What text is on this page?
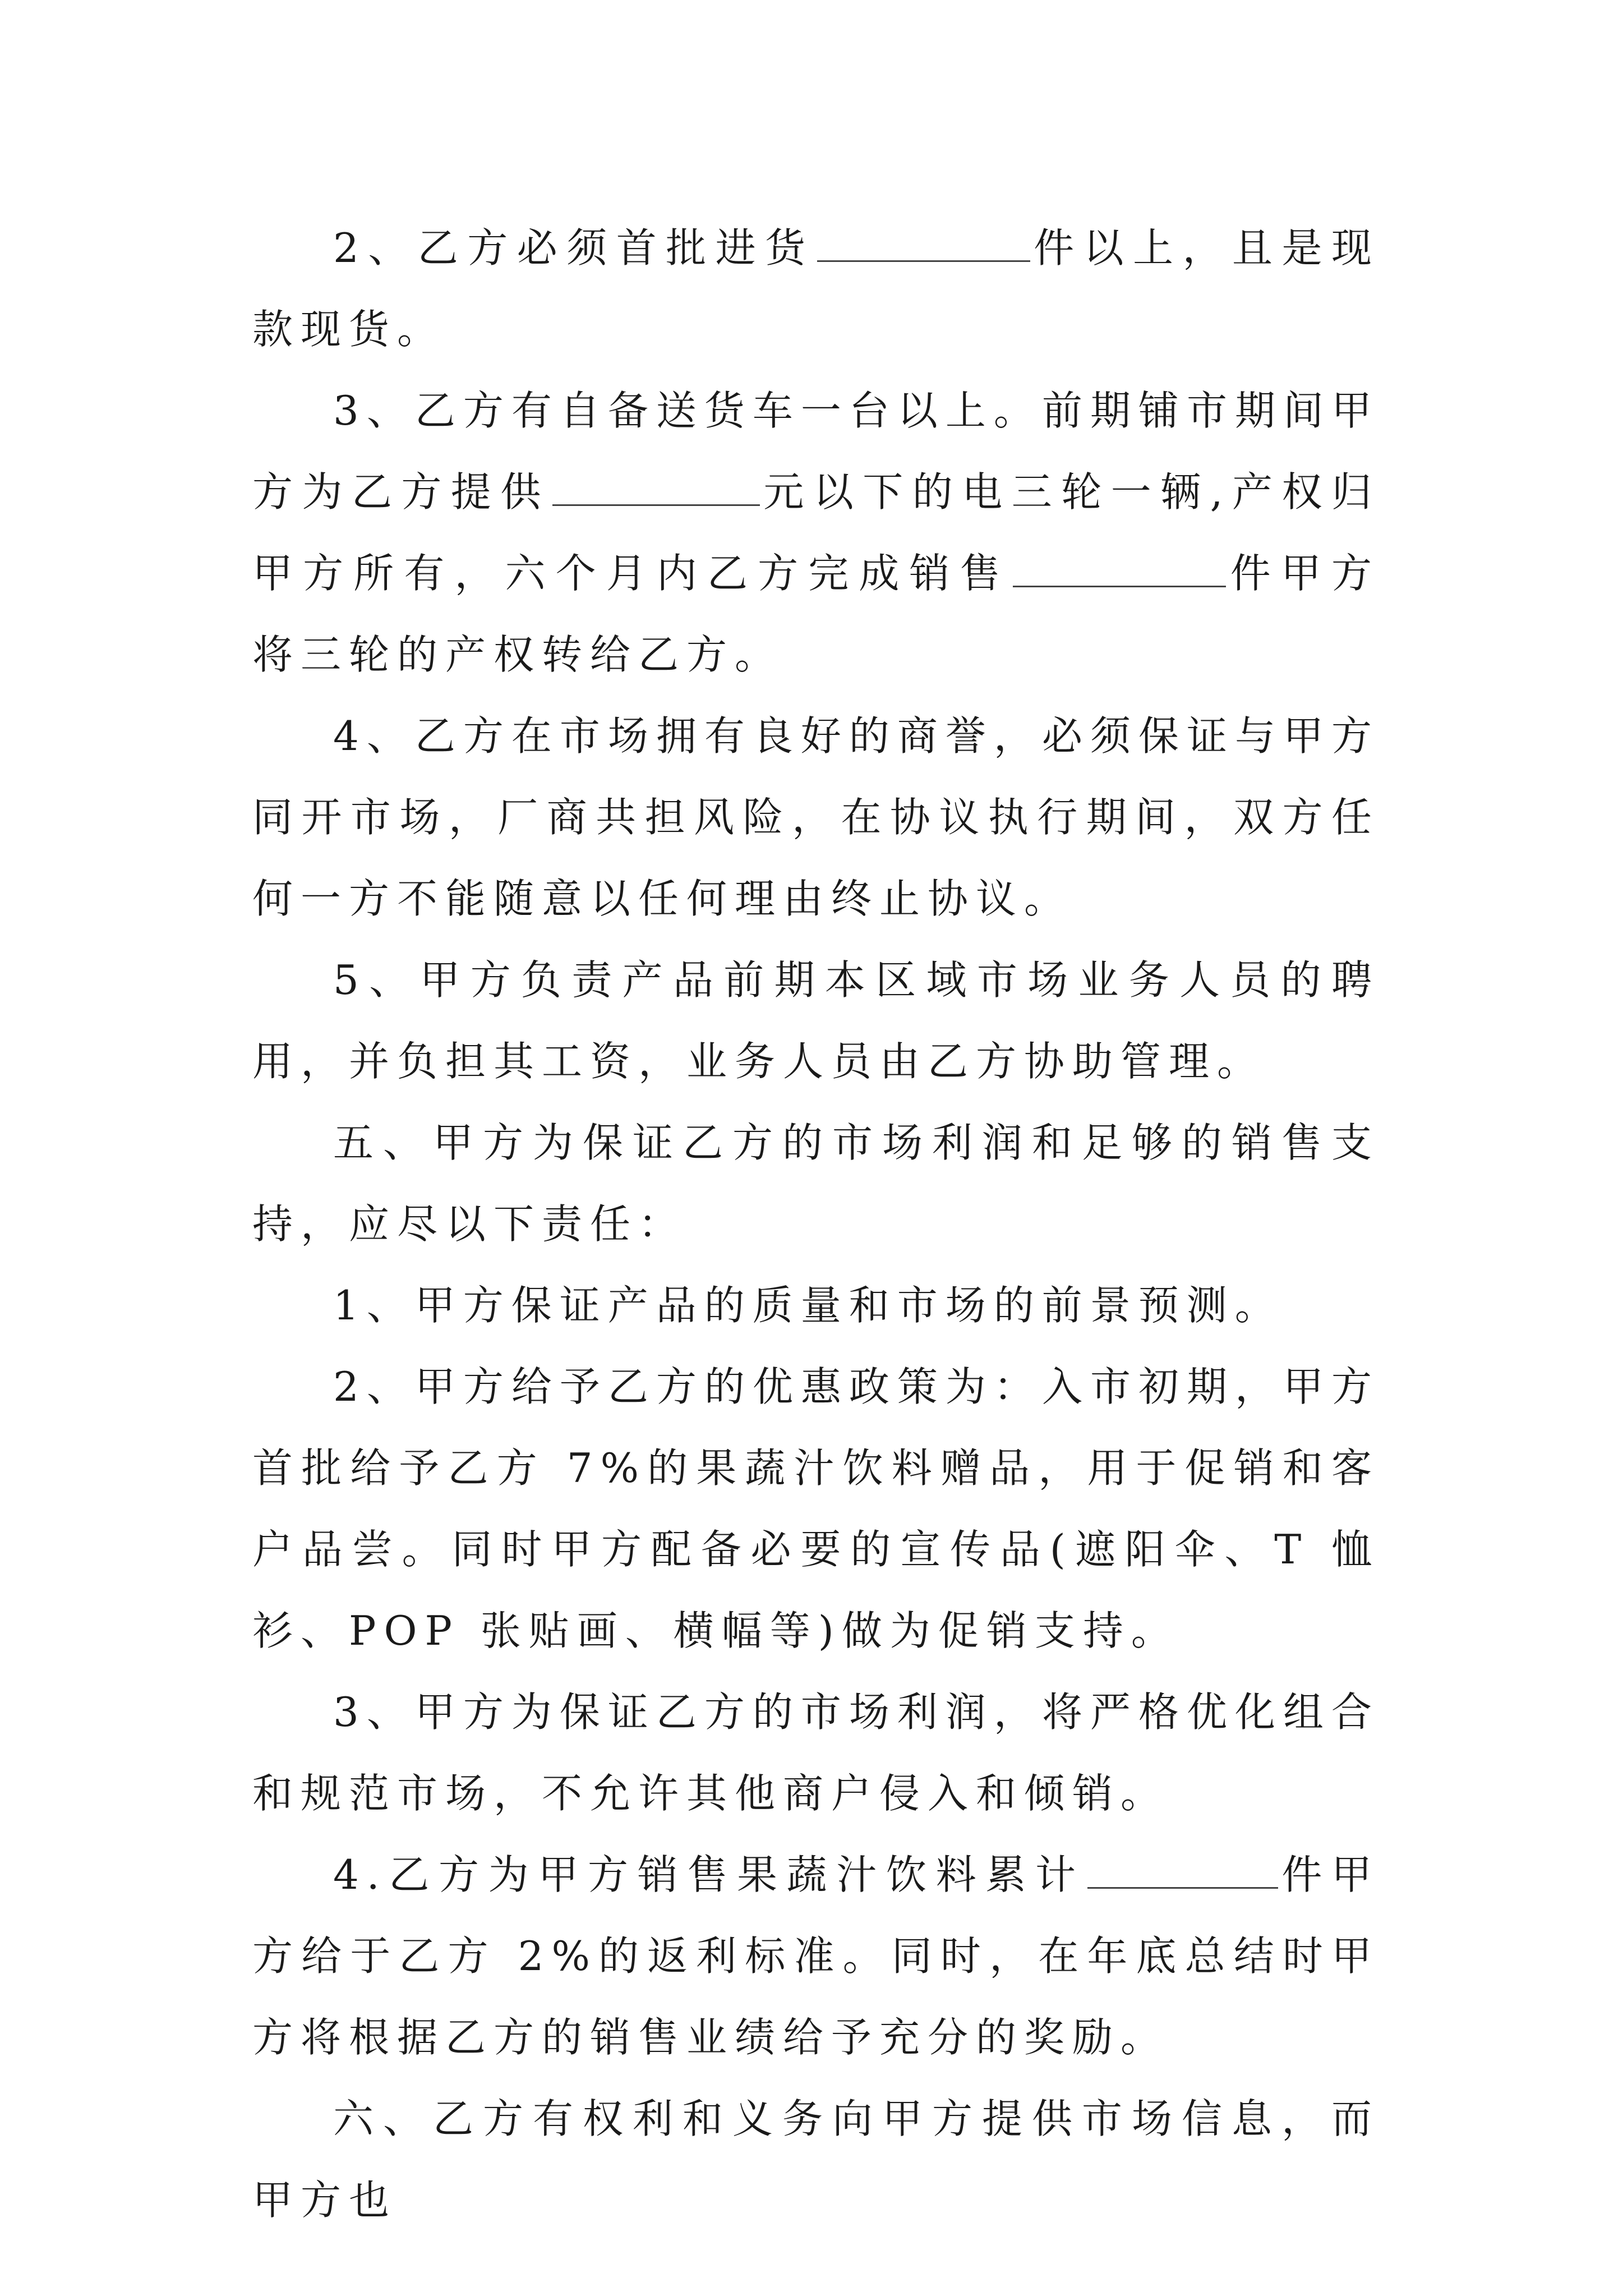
2、乙方必须首批进货	件以上，且是现款现货。

3、乙方有自备送货车一台以上。前期铺市期间甲方为乙方提供	元以下的电三轮一辆,产权归甲方所有，六个月内乙方完成销售	件甲方将三轮的产权转给乙方。

4、乙方在市场拥有良好的商誉，必须保证与甲方同开市场，厂商共担风险，在协议执行期间，双方任何一方不能随意以任何理由终止协议。

5、甲方负责产品前期本区域市场业务人员的聘用，并负担其工资，业务人员由乙方协助管理。

五、甲方为保证乙方的市场利润和足够的销售支持，应尽以下责任：

1、甲方保证产品的质量和市场的前景预测。

2、甲方给予乙方的优惠政策为：入市初期，甲方首批给予乙方 7%的果蔬汁饮料赠品，用于促销和客户品尝。同时甲方配备必要的宣传品(遮阳伞、T 恤衫、POP 张贴画、横幅等)做为促销支持。

3、甲方为保证乙方的市场利润，将严格优化组合和规范市场，不允许其他商户侵入和倾销。

4.乙方为甲方销售果蔬汁饮料累计	件甲方给于乙方 2%的返利标准。同时，在年底总结时甲方将根据乙方的销售业绩给予充分的奖励。

六、乙方有权利和义务向甲方提供市场信息，而甲方也
